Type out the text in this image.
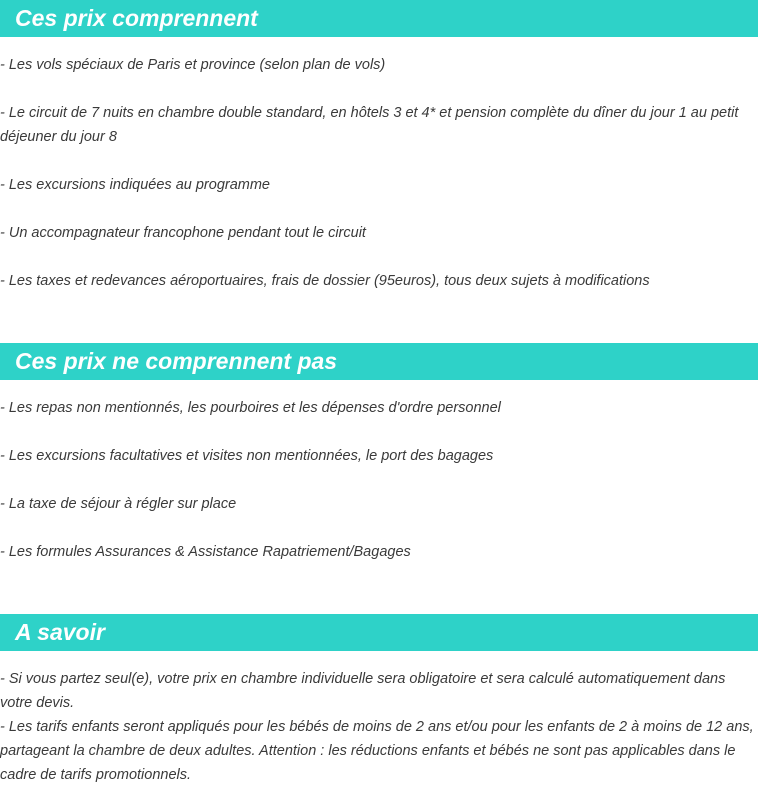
Ces prix comprennent

- Les vols spéciaux de Paris et province (selon plan de vols)

- Le circuit de 7 nuits en chambre double standard, en hôtels 3 et 4* et pension complète du dîner du jour 1 au petit déjeuner du jour 8

- Les excursions indiquées au programme

- Un accompagnateur francophone pendant tout le circuit

- Les taxes et redevances aéroportuaires, frais de dossier (95euros), tous deux sujets à modifications

Ces prix ne comprennent pas

- Les repas non mentionnés, les pourboires et les dépenses d'ordre personnel

- Les excursions facultatives et visites non mentionnées, le port des bagages

- La taxe de séjour à régler sur place

- Les formules Assurances & Assistance Rapatriement/Bagages

A savoir

- Si vous partez seul(e), votre prix en chambre individuelle sera obligatoire et sera calculé automatiquement dans votre devis.

- Les tarifs enfants seront appliqués pour les bébés de moins de 2 ans et/ou pour les enfants de 2 à moins de 12 ans, partageant la chambre de deux adultes. Attention : les réductions enfants et bébés ne sont pas applicables dans le cadre de tarifs promotionnels.
